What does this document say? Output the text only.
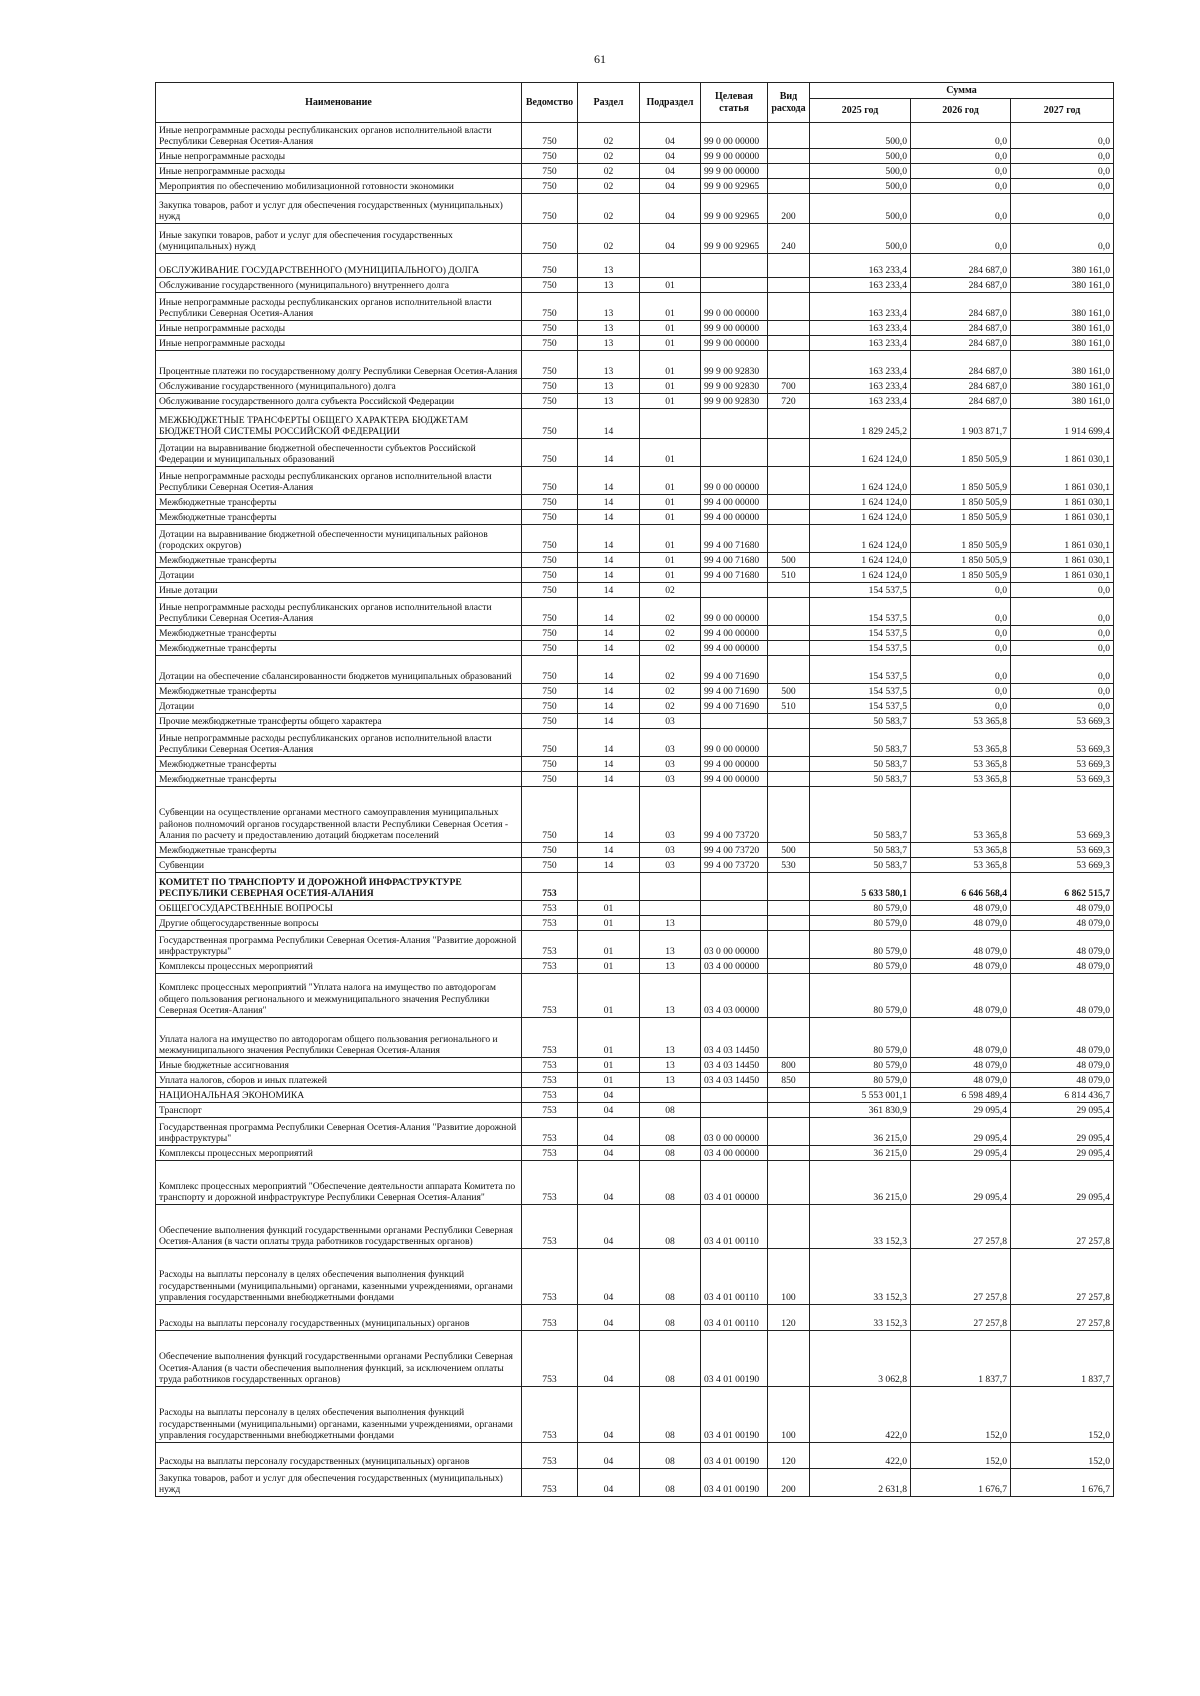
61
Наименование	Ведомство	Раздел	Подраздел	Целевая статья	Вид расхода	Сумма		
						2025 год	2026 год	2027 год
Иные непрограммные расходы республиканских органов исполнительной власти Республики Северная Осетия-Алания	750	02	04	99 0 00 00000		500,0	0,0	0,0
Иные непрограммные расходы	750	02	04	99 9 00 00000		500,0	0,0	0,0
Иные непрограммные расходы	750	02	04	99 9 00 00000		500,0	0,0	0,0
Мероприятия по обеспечению мобилизационной готовности экономики	750	02	04	99 9 00 92965		500,0	0,0	0,0
Закупка товаров, работ и услуг для обеспечения государственных (муниципальных) нужд	750	02	04	99 9 00 92965	200	500,0	0,0	0,0
Иные закупки товаров, работ и услуг для обеспечения государственных (муниципальных) нужд	750	02	04	99 9 00 92965	240	500,0	0,0	0,0
ОБСЛУЖИВАНИЕ ГОСУДАРСТВЕННОГО (МУНИЦИПАЛЬНОГО) ДОЛГА	750	13				163 233,4	284 687,0	380 161,0
Обслуживание государственного (муниципального) внутреннего долга	750	13	01			163 233,4	284 687,0	380 161,0
Иные непрограммные расходы республиканских органов исполнительной власти Республики Северная Осетия-Алания	750	13	01	99 0 00 00000		163 233,4	284 687,0	380 161,0
Иные непрограммные расходы	750	13	01	99 9 00 00000		163 233,4	284 687,0	380 161,0
Иные непрограммные расходы	750	13	01	99 9 00 00000		163 233,4	284 687,0	380 161,0
Процентные платежи по государственному долгу Республики Северная Осетия-Алания	750	13	01	99 9 00 92830		163 233,4	284 687,0	380 161,0
Обслуживание государственного (муниципального) долга	750	13	01	99 9 00 92830	700	163 233,4	284 687,0	380 161,0
Обслуживание государственного долга субъекта Российской Федерации	750	13	01	99 9 00 92830	720	163 233,4	284 687,0	380 161,0
МЕЖБЮДЖЕТНЫЕ ТРАНСФЕРТЫ ОБЩЕГО ХАРАКТЕРА БЮДЖЕТАМ БЮДЖЕТНОЙ СИСТЕМЫ РОССИЙСКОЙ ФЕДЕРАЦИИ	750	14				1 829 245,2	1 903 871,7	1 914 699,4
Дотации на выравнивание бюджетной обеспеченности субъектов Российской Федерации и муниципальных образований	750	14	01			1 624 124,0	1 850 505,9	1 861 030,1
Иные непрограммные расходы республиканских органов исполнительной власти Республики Северная Осетия-Алания	750	14	01	99 0 00 00000		1 624 124,0	1 850 505,9	1 861 030,1
Межбюджетные трансферты	750	14	01	99 4 00 00000		1 624 124,0	1 850 505,9	1 861 030,1
Межбюджетные трансферты	750	14	01	99 4 00 00000		1 624 124,0	1 850 505,9	1 861 030,1
Дотации на выравнивание бюджетной обеспеченности муниципальных районов (городских округов)	750	14	01	99 4 00 71680		1 624 124,0	1 850 505,9	1 861 030,1
Межбюджетные трансферты	750	14	01	99 4 00 71680	500	1 624 124,0	1 850 505,9	1 861 030,1
Дотации	750	14	01	99 4 00 71680	510	1 624 124,0	1 850 505,9	1 861 030,1
Иные дотации	750	14	02			154 537,5	0,0	0,0
Иные непрограммные расходы республиканских органов исполнительной власти Республики Северная Осетия-Алания	750	14	02	99 0 00 00000		154 537,5	0,0	0,0
Межбюджетные трансферты	750	14	02	99 4 00 00000		154 537,5	0,0	0,0
Межбюджетные трансферты	750	14	02	99 4 00 00000		154 537,5	0,0	0,0
Дотации на обеспечение сбалансированности бюджетов муниципальных образований	750	14	02	99 4 00 71690		154 537,5	0,0	0,0
Межбюджетные трансферты	750	14	02	99 4 00 71690	500	154 537,5	0,0	0,0
Дотации	750	14	02	99 4 00 71690	510	154 537,5	0,0	0,0
Прочие межбюджетные трансферты общего характера	750	14	03			50 583,7	53 365,8	53 669,3
Иные непрограммные расходы республиканских органов исполнительной власти Республики Северная Осетия-Алания	750	14	03	99 0 00 00000		50 583,7	53 365,8	53 669,3
Межбюджетные трансферты	750	14	03	99 4 00 00000		50 583,7	53 365,8	53 669,3
Межбюджетные трансферты	750	14	03	99 4 00 00000		50 583,7	53 365,8	53 669,3
Субвенции на осуществление органами местного самоуправления муниципальных районов полномочий органов государственной власти Республики Северная Осетия - Алания по расчету и предоставлению дотаций бюджетам поселений	750	14	03	99 4 00 73720		50 583,7	53 365,8	53 669,3
Межбюджетные трансферты	750	14	03	99 4 00 73720	500	50 583,7	53 365,8	53 669,3
Субвенции	750	14	03	99 4 00 73720	530	50 583,7	53 365,8	53 669,3
КОМИТЕТ ПО ТРАНСПОРТУ И ДОРОЖНОЙ ИНФРАСТРУКТУРЕ РЕСПУБЛИКИ СЕВЕРНАЯ ОСЕТИЯ-АЛАНИЯ	753					5 633 580,1	6 646 568,4	6 862 515,7
ОБЩЕГОСУДАРСТВЕННЫЕ ВОПРОСЫ	753	01				80 579,0	48 079,0	48 079,0
Другие общегосударственные вопросы	753	01	13			80 579,0	48 079,0	48 079,0
Государственная программа Республики Северная Осетия-Алания "Развитие дорожной инфраструктуры"	753	01	13	03 0 00 00000		80 579,0	48 079,0	48 079,0
Комплексы процессных мероприятий	753	01	13	03 4 00 00000		80 579,0	48 079,0	48 079,0
Комплекс процессных мероприятий "Уплата налога на имущество по автодорогам общего пользования регионального и межмуниципального значения Республики Северная Осетия-Алания"	753	01	13	03 4 03 00000		80 579,0	48 079,0	48 079,0
Уплата налога на имущество по автодорогам общего пользования регионального и межмуниципального значения Республики Северная Осетия-Алания	753	01	13	03 4 03 14450		80 579,0	48 079,0	48 079,0
Иные бюджетные ассигнования	753	01	13	03 4 03 14450	800	80 579,0	48 079,0	48 079,0
Уплата налогов, сборов и иных платежей	753	01	13	03 4 03 14450	850	80 579,0	48 079,0	48 079,0
НАЦИОНАЛЬНАЯ ЭКОНОМИКА	753	04				5 553 001,1	6 598 489,4	6 814 436,7
Транспорт	753	04	08			361 830,9	29 095,4	29 095,4
Государственная программа Республики Северная Осетия-Алания "Развитие дорожной инфраструктуры"	753	04	08	03 0 00 00000		36 215,0	29 095,4	29 095,4
Комплексы процессных мероприятий	753	04	08	03 4 00 00000		36 215,0	29 095,4	29 095,4
Комплекс процессных мероприятий "Обеспечение деятельности аппарата Комитета по транспорту и дорожной инфраструктуре Республики Северная Осетия-Алания"	753	04	08	03 4 01 00000		36 215,0	29 095,4	29 095,4
Обеспечение выполнения функций государственными органами Республики Северная Осетия-Алания (в части оплаты труда работников государственных органов)	753	04	08	03 4 01 00110		33 152,3	27 257,8	27 257,8
Расходы на выплаты персоналу в целях обеспечения выполнения функций государственными (муниципальными) органами, казенными учреждениями, органами управления государственными внебюджетными фондами	753	04	08	03 4 01 00110	100	33 152,3	27 257,8	27 257,8
Расходы на выплаты персоналу государственных (муниципальных) органов	753	04	08	03 4 01 00110	120	33 152,3	27 257,8	27 257,8
Обеспечение выполнения функций государственными органами Республики Северная Осетия-Алания (в части обеспечения выполнения функций, за исключением оплаты труда работников государственных органов)	753	04	08	03 4 01 00190		3 062,8	1 837,7	1 837,7
Расходы на выплаты персоналу в целях обеспечения выполнения функций государственными (муниципальными) органами, казенными учреждениями, органами управления государственными внебюджетными фондами	753	04	08	03 4 01 00190	100	422,0	152,0	152,0
Расходы на выплаты персоналу государственных (муниципальных) органов	753	04	08	03 4 01 00190	120	422,0	152,0	152,0
Закупка товаров, работ и услуг для обеспечения государственных (муниципальных) нужд	753	04	08	03 4 01 00190	200	2 631,8	1 676,7	1 676,7
